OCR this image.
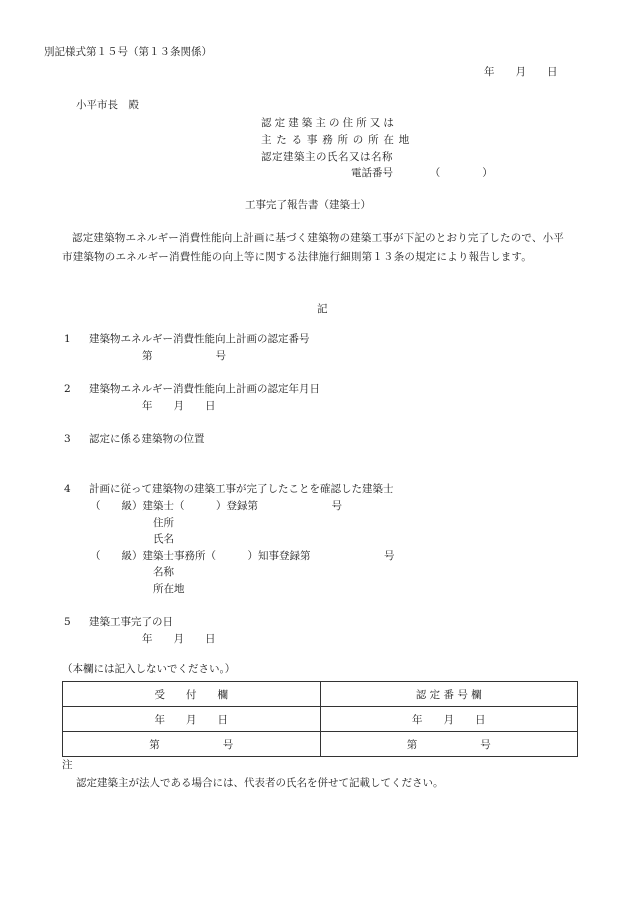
別記様式第１５号（第１３条関係）
年　　月　　日
小平市長　殿
認定建築主の住所又は
主たる事務所の所在地
認定建築主の氏名又は名称
電話番号　　　　（　　　　）
工事完了報告書（建築士）
認定建築物エネルギー消費性能向上計画に基づく建築物の建築工事が下記のとおり完了したので、小平市建築物のエネルギー消費性能の向上等に関する法律施行細則第１３条の規定により報告します。
記
1 建築物エネルギー消費性能向上計画の認定番号
第　　　　　　号
2 建築物エネルギー消費性能向上計画の認定年月日
年　　月　　日
3 認定に係る建築物の位置
4 計画に従って建築物の建築工事が完了したことを確認した建築士
（　　級）建築士（　　　）登録第　　　　　　　号
住所
氏名
（　　級）建築士事務所（　　　）知事登録第　　　　　　　号
名称
所在地
5 建築工事完了の日
年　　月　　日
（本欄には記入しないでください。）
受　　付　　欄	認 定 番 号 欄
年　　月　　日	年　　月　　日
第　　　　　　号	第　　　　　　号
注
認定建築主が法人である場合には、代表者の氏名を併せて記載してください。
